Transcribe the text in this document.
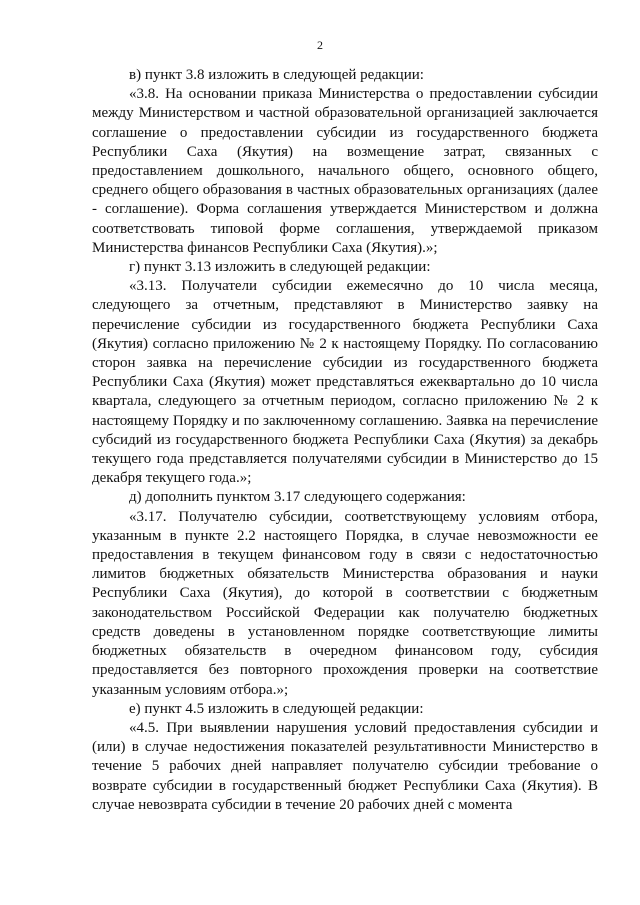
2

в) пункт 3.8 изложить в следующей редакции:

«3.8. На основании приказа Министерства о предоставлении субсидии между Министерством и частной образовательной организацией заключается соглашение о предоставлении субсидии из государственного бюджета Республики Саха (Якутия) на возмещение затрат, связанных с предоставлением дошкольного, начального общего, основного общего, среднего общего образования в частных образовательных организациях (далее - соглашение). Форма соглашения утверждается Министерством и должна соответствовать типовой форме соглашения, утверждаемой приказом Министерства финансов Республики Саха (Якутия).»;

г) пункт 3.13 изложить в следующей редакции:

«3.13. Получатели субсидии ежемесячно до 10 числа месяца, следующего за отчетным, представляют в Министерство заявку на перечисление субсидии из государственного бюджета Республики Саха (Якутия) согласно приложению № 2 к настоящему Порядку. По согласованию сторон заявка на перечисление субсидии из государственного бюджета Республики Саха (Якутия) может представляться ежеквартально до 10 числа квартала, следующего за отчетным периодом, согласно приложению № 2 к настоящему Порядку и по заключенному соглашению. Заявка на перечисление субсидий из государственного бюджета Республики Саха (Якутия) за декабрь текущего года представляется получателями субсидии в Министерство до 15 декабря текущего года.»;

д) дополнить пунктом 3.17 следующего содержания:

«3.17. Получателю субсидии, соответствующему условиям отбора, указанным в пункте 2.2 настоящего Порядка, в случае невозможности ее предоставления в текущем финансовом году в связи с недостаточностью лимитов бюджетных обязательств Министерства образования и науки Республики Саха (Якутия), до которой в соответствии с бюджетным законодательством Российской Федерации как получателю бюджетных средств доведены в установленном порядке соответствующие лимиты бюджетных обязательств в очередном финансовом году, субсидия предоставляется без повторного прохождения проверки на соответствие указанным условиям отбора.»;

е) пункт 4.5 изложить в следующей редакции:

«4.5. При выявлении нарушения условий предоставления субсидии и (или) в случае недостижения показателей результативности Министерство в течение 5 рабочих дней направляет получателю субсидии требование о возврате субсидии в государственный бюджет Республики Саха (Якутия). В случае невозврата субсидии в течение 20 рабочих дней с момента
